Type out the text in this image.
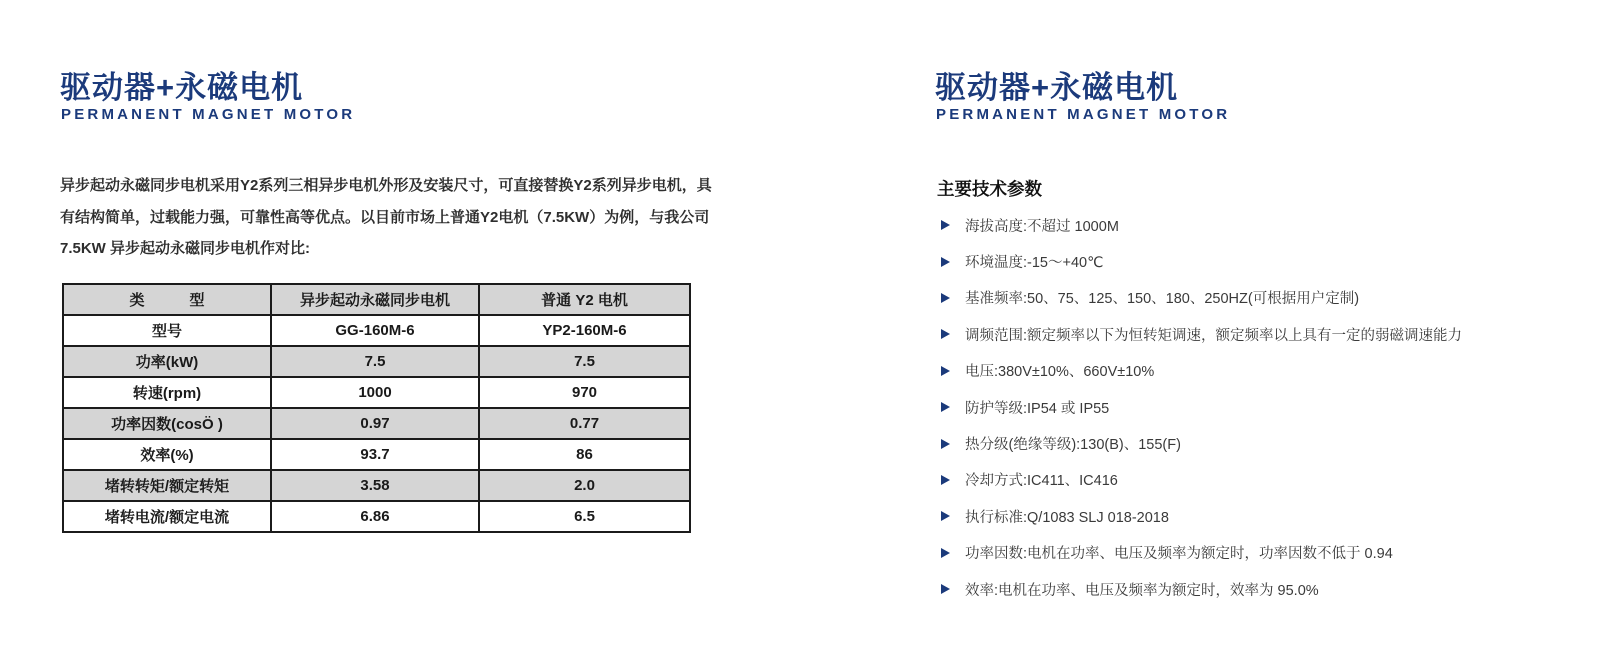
驱动器+永磁电机
PERMANENT MAGNET MOTOR
异步起动永磁同步电机采用Y2系列三相异步电机外形及安装尺寸，可直接替换Y2系列异步电机，具
有结构简单，过载能力强，可靠性高等优点。以目前市场上普通Y2电机（7.5KW）为例，与我公司
7.5KW 异步起动永磁同步电机作对比:
类　　　型	异步起动永磁同步电机	普通 Y2 电机
型号	GG-160M-6	YP2-160M-6
功率(kW)	7.5	7.5
转速(rpm)	1000	970
功率因数(cosÖ )	0.97	0.77
效率(%)	93.7	86
堵转转矩/额定转矩	3.58	2.0
堵转电流/额定电流	6.86	6.5
驱动器+永磁电机
PERMANENT MAGNET MOTOR
主要技术参数
海拔高度:不超过 1000M
环境温度:-15～+40℃
基准频率:50、75、125、150、180、250HZ(可根据用户定制)
调频范围:额定频率以下为恒转矩调速，额定频率以上具有一定的弱磁调速能力
电压:380V±10%、660V±10%
防护等级:IP54 或 IP55
热分级(绝缘等级):130(B)、155(F)
冷却方式:IC411、IC416
执行标准:Q/1083 SLJ 018-2018
功率因数:电机在功率、电压及频率为额定时，功率因数不低于 0.94
效率:电机在功率、电压及频率为额定时，效率为 95.0%
